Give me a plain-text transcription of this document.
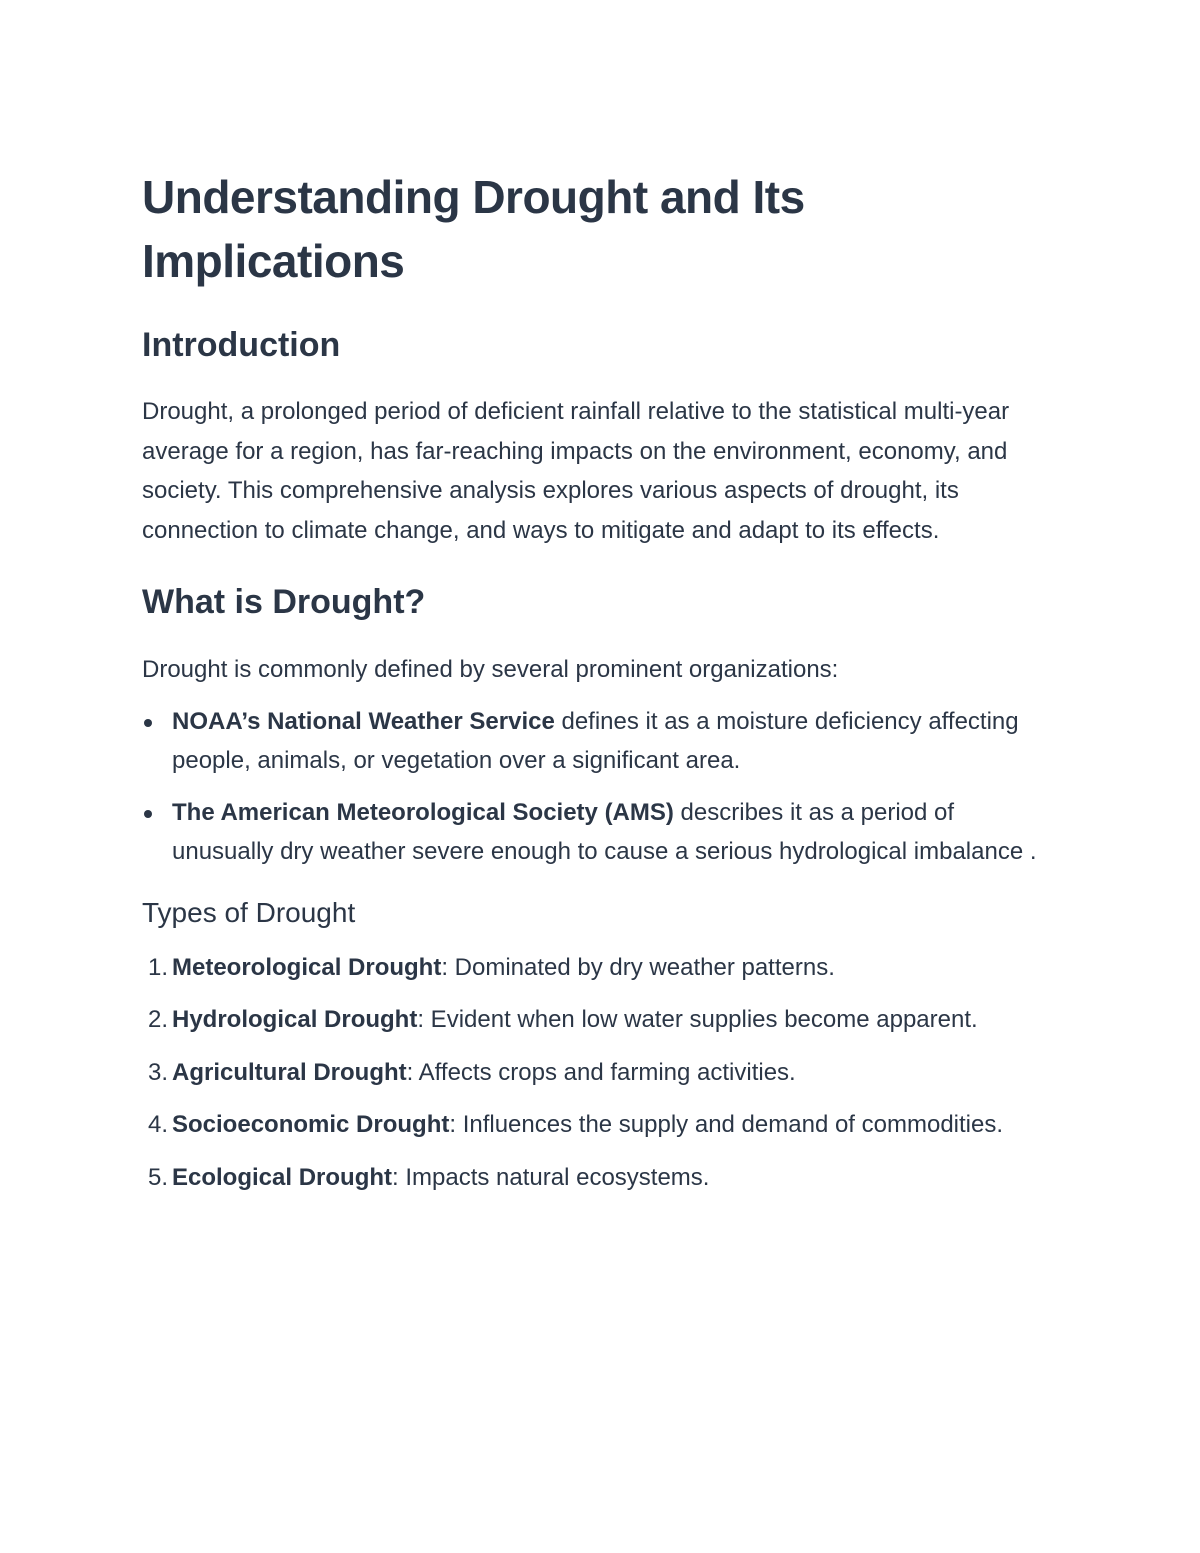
Understanding Drought and Its Implications
Introduction

Drought, a prolonged period of deficient rainfall relative to the statistical multi-year average for a region, has far-reaching impacts on the environment, economy, and society. This comprehensive analysis explores various aspects of drought, its connection to climate change, and ways to mitigate and adapt to its effects.

What is Drought?

Drought is commonly defined by several prominent organizations:

NOAA’s National Weather Service defines it as a moisture deficiency affecting people, animals, or vegetation over a significant area.
The American Meteorological Society (AMS) describes it as a period of unusually dry weather severe enough to cause a serious hydrological imbalance .
Types of Drought
1. Meteorological Drought: Dominated by dry weather patterns.
2. Hydrological Drought: Evident when low water supplies become apparent.
3. Agricultural Drought: Affects crops and farming activities.
4. Socioeconomic Drought: Influences the supply and demand of commodities.
5. Ecological Drought: Impacts natural ecosystems.
